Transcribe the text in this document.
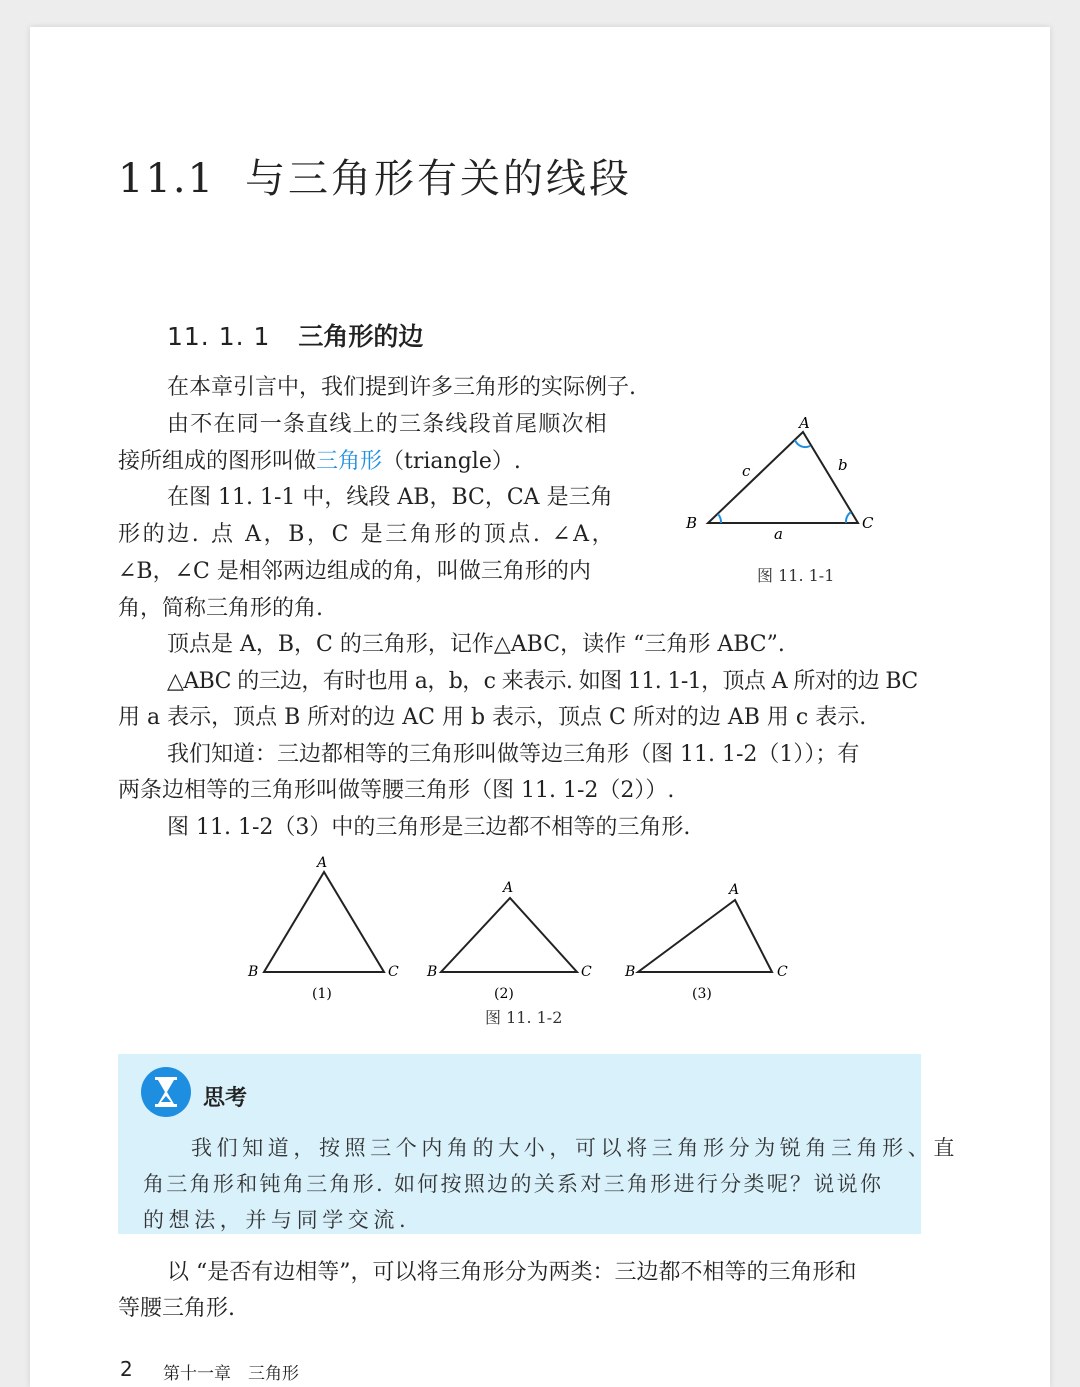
11.1 与三角形有关的线段
11. 1. 1 三角形的边
在本章引言中，我们提到许多三角形的实际例子.
由不在同一条直线上的三条线段首尾顺次相
接所组成的图形叫做三角形（triangle）.
在图 11. 1-1 中，线段 AB，BC，CA 是三角
形的边. 点 A，B，C 是三角形的顶点. ∠A，
∠B，∠C 是相邻两边组成的角，叫做三角形的内
角，简称三角形的角.
顶点是 A，B，C 的三角形，记作△ABC，读作 “三角形 ABC”.
△ABC 的三边，有时也用 a，b，c 来表示. 如图 11. 1-1，顶点 A 所对的边 BC
用 a 表示，顶点 B 所对的边 AC 用 b 表示，顶点 C 所对的边 AB 用 c 表示.
我们知道：三边都相等的三角形叫做等边三角形（图 11. 1-2（1））；有
两条边相等的三角形叫做等腰三角形（图 11. 1-2（2））.
图 11. 1-2（3）中的三角形是三边都不相等的三角形.
A
B	C
c	b
a
图 11. 1-1
A
B	C
(1)
A
B	C
(2)
A
B	C
(3)
图 11. 1-2
思考
我们知道，按照三个内角的大小，可以将三角形分为锐角三角形、直
角三角形和钝角三角形. 如何按照边的关系对三角形进行分类呢？说说你
的想法，并与同学交流.
以 “是否有边相等”，可以将三角形分为两类：三边都不相等的三角形和
等腰三角形.
2 第十一章　三角形
